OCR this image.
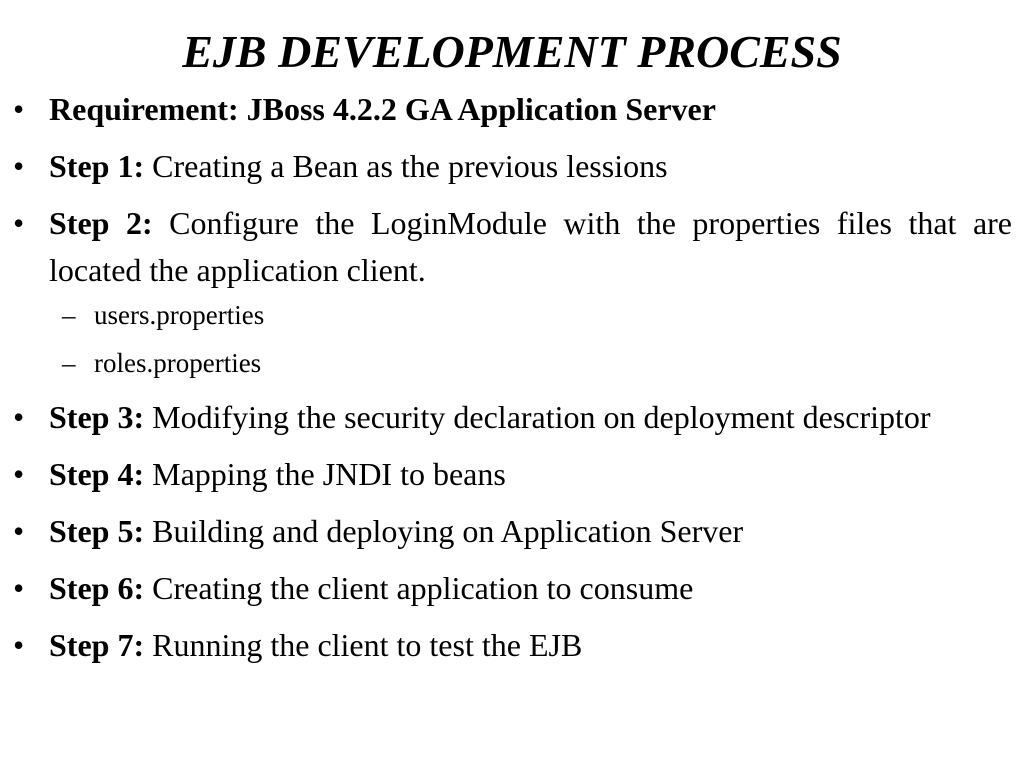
EJB DEVELOPMENT PROCESS
• Requirement: JBoss 4.2.2 GA Application Server
• Step 1: Creating a Bean as the previous lessions
• Step 2: Configure the LoginModule with the properties files that are located the application client.
– users.properties
– roles.properties
• Step 3: Modifying the security declaration on deployment descriptor
• Step 4: Mapping the JNDI to beans
• Step 5: Building and deploying on Application Server
• Step 6: Creating the client application to consume
• Step 7: Running the client to test the EJB
